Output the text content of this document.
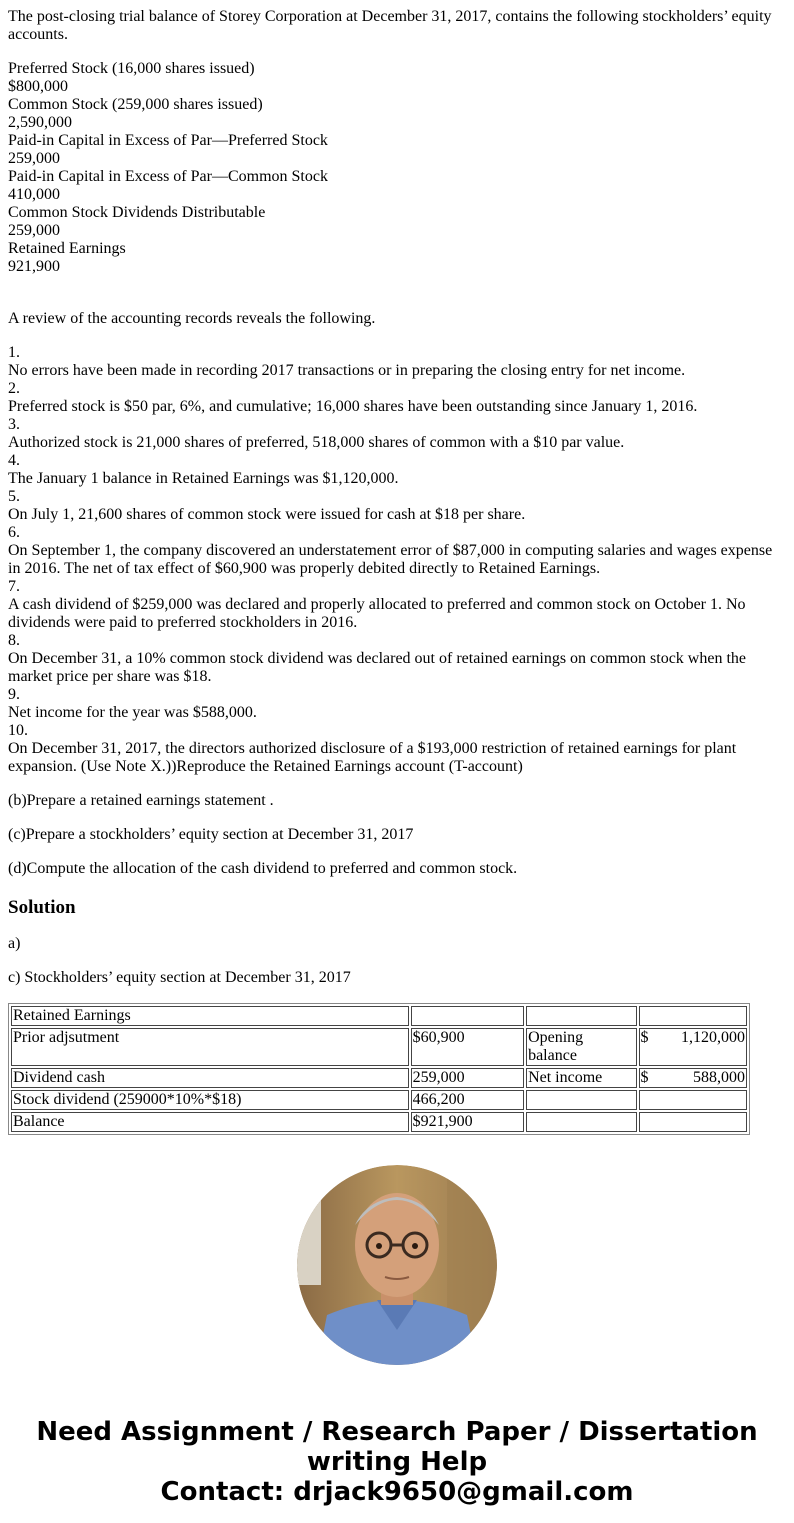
The post-closing trial balance of Storey Corporation at December 31, 2017, contains the following stockholders’ equity accounts.

Preferred Stock (16,000 shares issued)

$800,000

Common Stock (259,000 shares issued)

2,590,000

Paid-in Capital in Excess of Par—Preferred Stock

259,000

Paid-in Capital in Excess of Par—Common Stock

410,000

Common Stock Dividends Distributable

259,000

Retained Earnings

921,900

A review of the accounting records reveals the following.

1.

No errors have been made in recording 2017 transactions or in preparing the closing entry for net income.

2.

Preferred stock is $50 par, 6%, and cumulative; 16,000 shares have been outstanding since January 1, 2016.

3.

Authorized stock is 21,000 shares of preferred, 518,000 shares of common with a $10 par value.

4.

The January 1 balance in Retained Earnings was $1,120,000.

5.

On July 1, 21,600 shares of common stock were issued for cash at $18 per share.

6.

On September 1, the company discovered an understatement error of $87,000 in computing salaries and wages expense in 2016. The net of tax effect of $60,900 was properly debited directly to Retained Earnings.

7.

A cash dividend of $259,000 was declared and properly allocated to preferred and common stock on October 1. No dividends were paid to preferred stockholders in 2016.

8.

On December 31, a 10% common stock dividend was declared out of retained earnings on common stock when the market price per share was $18.

9.

Net income for the year was $588,000.

10.

On December 31, 2017, the directors authorized disclosure of a $193,000 restriction of retained earnings for plant expansion. (Use Note X.))Reproduce the Retained Earnings account (T-account)

(b)Prepare a retained earnings statement .

(c)Prepare a stockholders’ equity section at December 31, 2017

(d)Compute the allocation of the cash dividend to preferred and common stock.

Solution

a)

c) Stockholders’ equity section at December 31, 2017

Retained Earnings			
Prior adjsutment	$60,900	Opening balance	$ 1,120,000

Dividend cash	259,000	Net income	$ 588,000

Stock dividend (259000*10%*$18)	466,200		

Balance	$921,900		
Need Assignment / Research Paper / Dissertation
writing Help
Contact: drjack9650@gmail.com
